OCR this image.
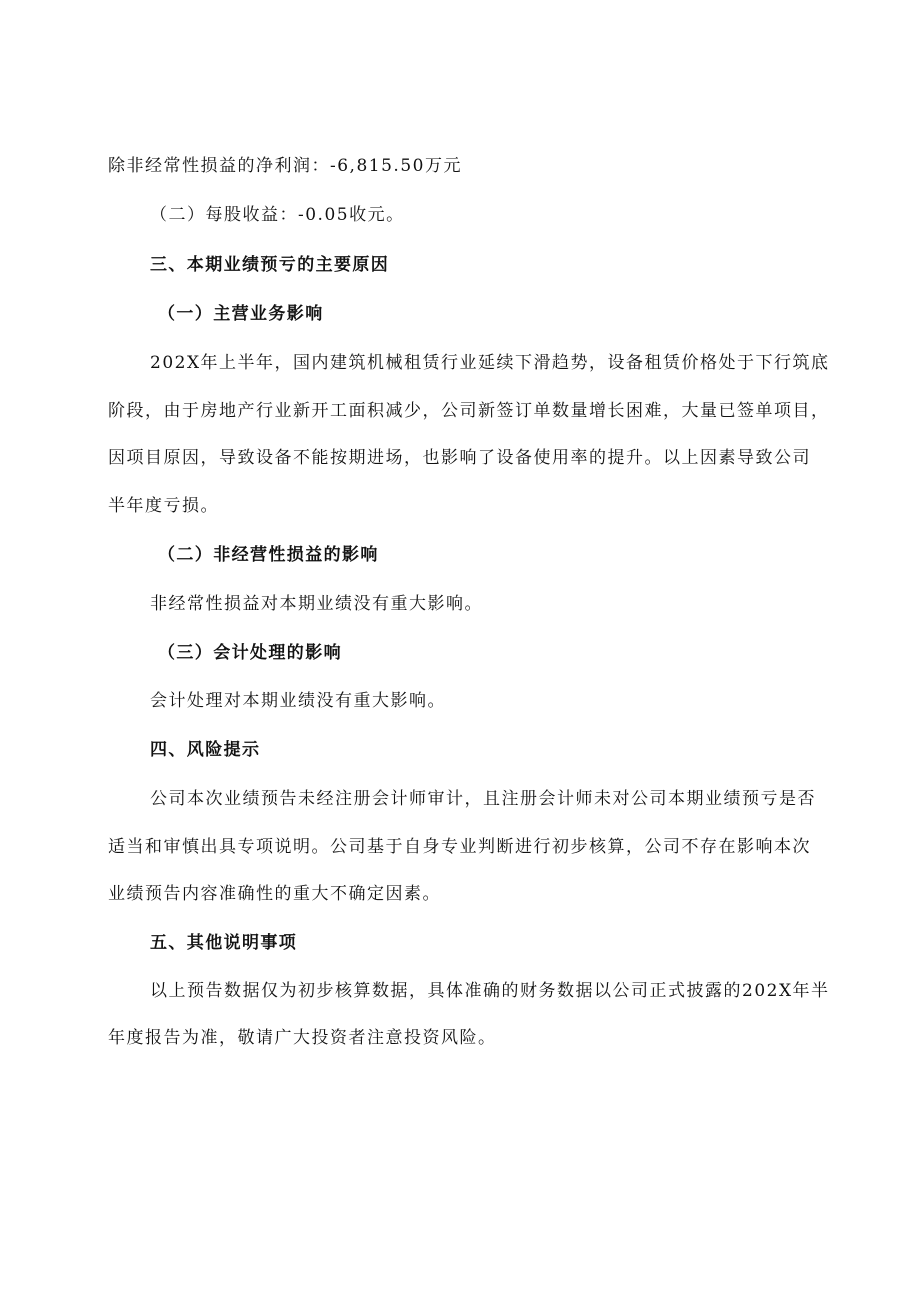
除非经常性损益的净利润：-6,815.50万元
（二）每股收益：-0.05收元。
三、本期业绩预亏的主要原因
（一）主营业务影响
202X年上半年，国内建筑机械租赁行业延续下滑趋势，设备租赁价格处于下行筑底
阶段，由于房地产行业新开工面积减少，公司新签订单数量增长困难，大量已签单项目，
因项目原因，导致设备不能按期进场，也影响了设备使用率的提升。以上因素导致公司
半年度亏损。
（二）非经营性损益的影响
非经常性损益对本期业绩没有重大影响。
（三）会计处理的影响
会计处理对本期业绩没有重大影响。
四、风险提示
公司本次业绩预告未经注册会计师审计，且注册会计师未对公司本期业绩预亏是否
适当和审慎出具专项说明。公司基于自身专业判断进行初步核算，公司不存在影响本次
业绩预告内容准确性的重大不确定因素。
五、其他说明事项
以上预告数据仅为初步核算数据，具体准确的财务数据以公司正式披露的202X年半
年度报告为准，敬请广大投资者注意投资风险。
